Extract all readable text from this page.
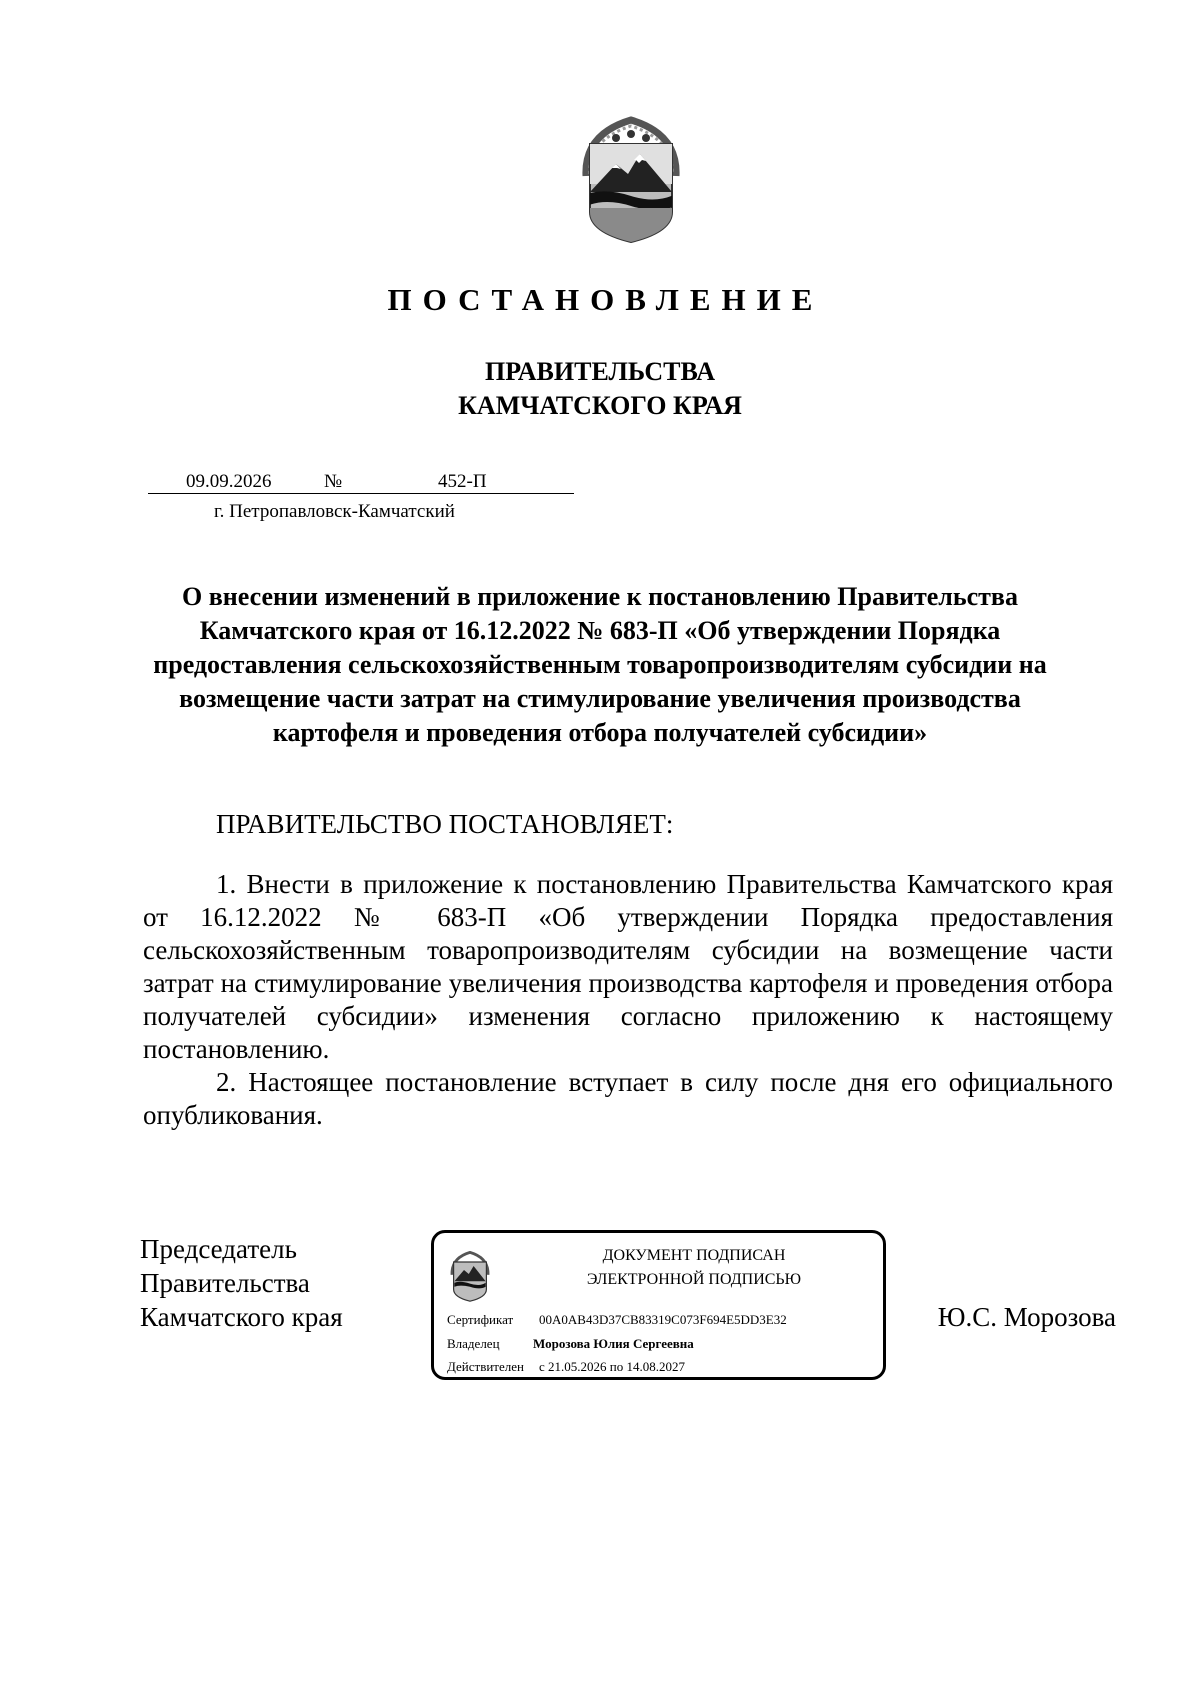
ПОСТАНОВЛЕНИЕ
ПРАВИТЕЛЬСТВА
КАМЧАТСКОГО КРАЯ
09.09.2026	№	452-П
г. Петропавловск-Камчатский
О внесении изменений в приложение к постановлению Правительства Камчатского края от 16.12.2022 № 683-П «Об утверждении Порядка предоставления сельскохозяйственным товаропроизводителям субсидии на возмещение части затрат на стимулирование увеличения производства картофеля и проведения отбора получателей субсидии»
ПРАВИТЕЛЬСТВО ПОСТАНОВЛЯЕТ:

1. Внести в приложение к постановлению Правительства Камчатского края от 16.12.2022 № 683-П «Об утверждении Порядка предоставления сельскохозяйственным товаропроизводителям субсидии на возмещение части затрат на стимулирование увеличения производства картофеля и проведения отбора получателей субсидии» изменения согласно приложению к настоящему постановлению.

2. Настоящее постановление вступает в силу после дня его официального опубликования.

Председатель
Правительства
Камчатского края
ДОКУМЕНТ ПОДПИСАН
ЭЛЕКТРОННОЙ ПОДПИСЬЮ
Сертификат 00A0AB43D37CB83319C073F694E5DD3E32
Владелец	Морозова Юлия Сергеевна
Действителен с 21.05.2026 по 14.08.2027
Ю.С. Морозова
